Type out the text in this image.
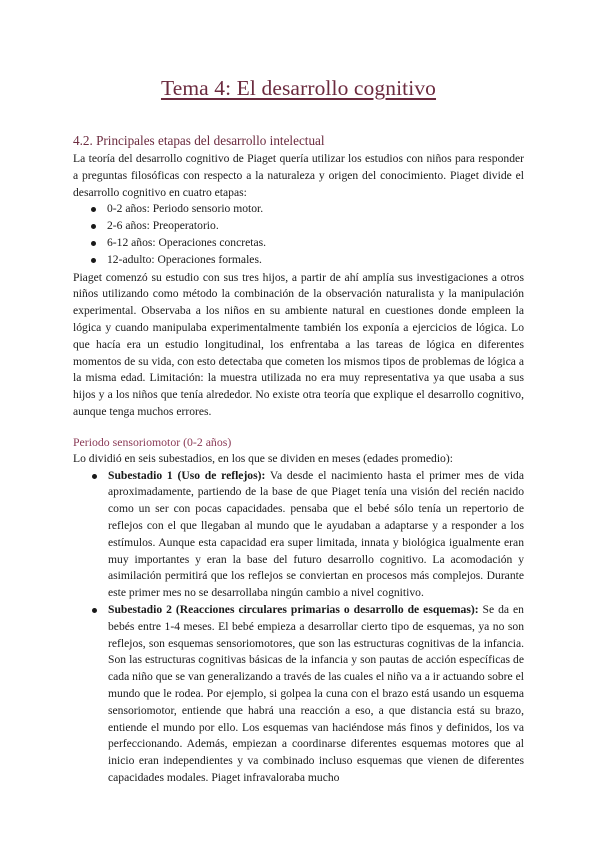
Tema 4: El desarrollo cognitivo
4.2. Principales etapas del desarrollo intelectual

La teoría del desarrollo cognitivo de Piaget quería utilizar los estudios con niños para responder a preguntas filosóficas con respecto a la naturaleza y origen del conocimiento. Piaget divide el desarrollo cognitivo en cuatro etapas:

0-2 años: Periodo sensorio motor.
2-6 años: Preoperatorio.
6-12 años: Operaciones concretas.
12-adulto: Operaciones formales.

Piaget comenzó su estudio con sus tres hijos, a partir de ahí amplía sus investigaciones a otros niños utilizando como método la combinación de la observación naturalista y la manipulación experimental. Observaba a los niños en su ambiente natural en cuestiones donde empleen la lógica y cuando manipulaba experimentalmente también los exponía a ejercicios de lógica. Lo que hacía era un estudio longitudinal, los enfrentaba a las tareas de lógica en diferentes momentos de su vida, con esto detectaba que cometen los mismos tipos de problemas de lógica a la misma edad. Limitación: la muestra utilizada no era muy representativa ya que usaba a sus hijos y a los niños que tenía alrededor. No existe otra teoría que explique el desarrollo cognitivo, aunque tenga muchos errores.

Periodo sensoriomotor (0-2 años)

Lo dividió en seis subestadios, en los que se dividen en meses (edades promedio):

Subestadio 1 (Uso de reflejos): Va desde el nacimiento hasta el primer mes de vida aproximadamente, partiendo de la base de que Piaget tenía una visión del recién nacido como un ser con pocas capacidades. pensaba que el bebé sólo tenía un repertorio de reflejos con el que llegaban al mundo que le ayudaban a adaptarse y a responder a los estímulos. Aunque esta capacidad era super limitada, innata y biológica igualmente eran muy importantes y eran la base del futuro desarrollo cognitivo. La acomodación y asimilación permitirá que los reflejos se conviertan en procesos más complejos. Durante este primer mes no se desarrollaba ningún cambio a nivel cognitivo.
Subestadio 2 (Reacciones circulares primarias o desarrollo de esquemas): Se da en bebés entre 1-4 meses. El bebé empieza a desarrollar cierto tipo de esquemas, ya no son reflejos, son esquemas sensoriomotores, que son las estructuras cognitivas de la infancia. Son las estructuras cognitivas básicas de la infancia y son pautas de acción específicas de cada niño que se van generalizando a través de las cuales el niño va a ir actuando sobre el mundo que le rodea. Por ejemplo, si golpea la cuna con el brazo está usando un esquema sensoriomotor, entiende que habrá una reacción a eso, a que distancia está su brazo, entiende el mundo por ello. Los esquemas van haciéndose más finos y definidos, los va perfeccionando. Además, empiezan a coordinarse diferentes esquemas motores que al inicio eran independientes y va combinado incluso esquemas que vienen de diferentes capacidades modales. Piaget infravaloraba mucho
